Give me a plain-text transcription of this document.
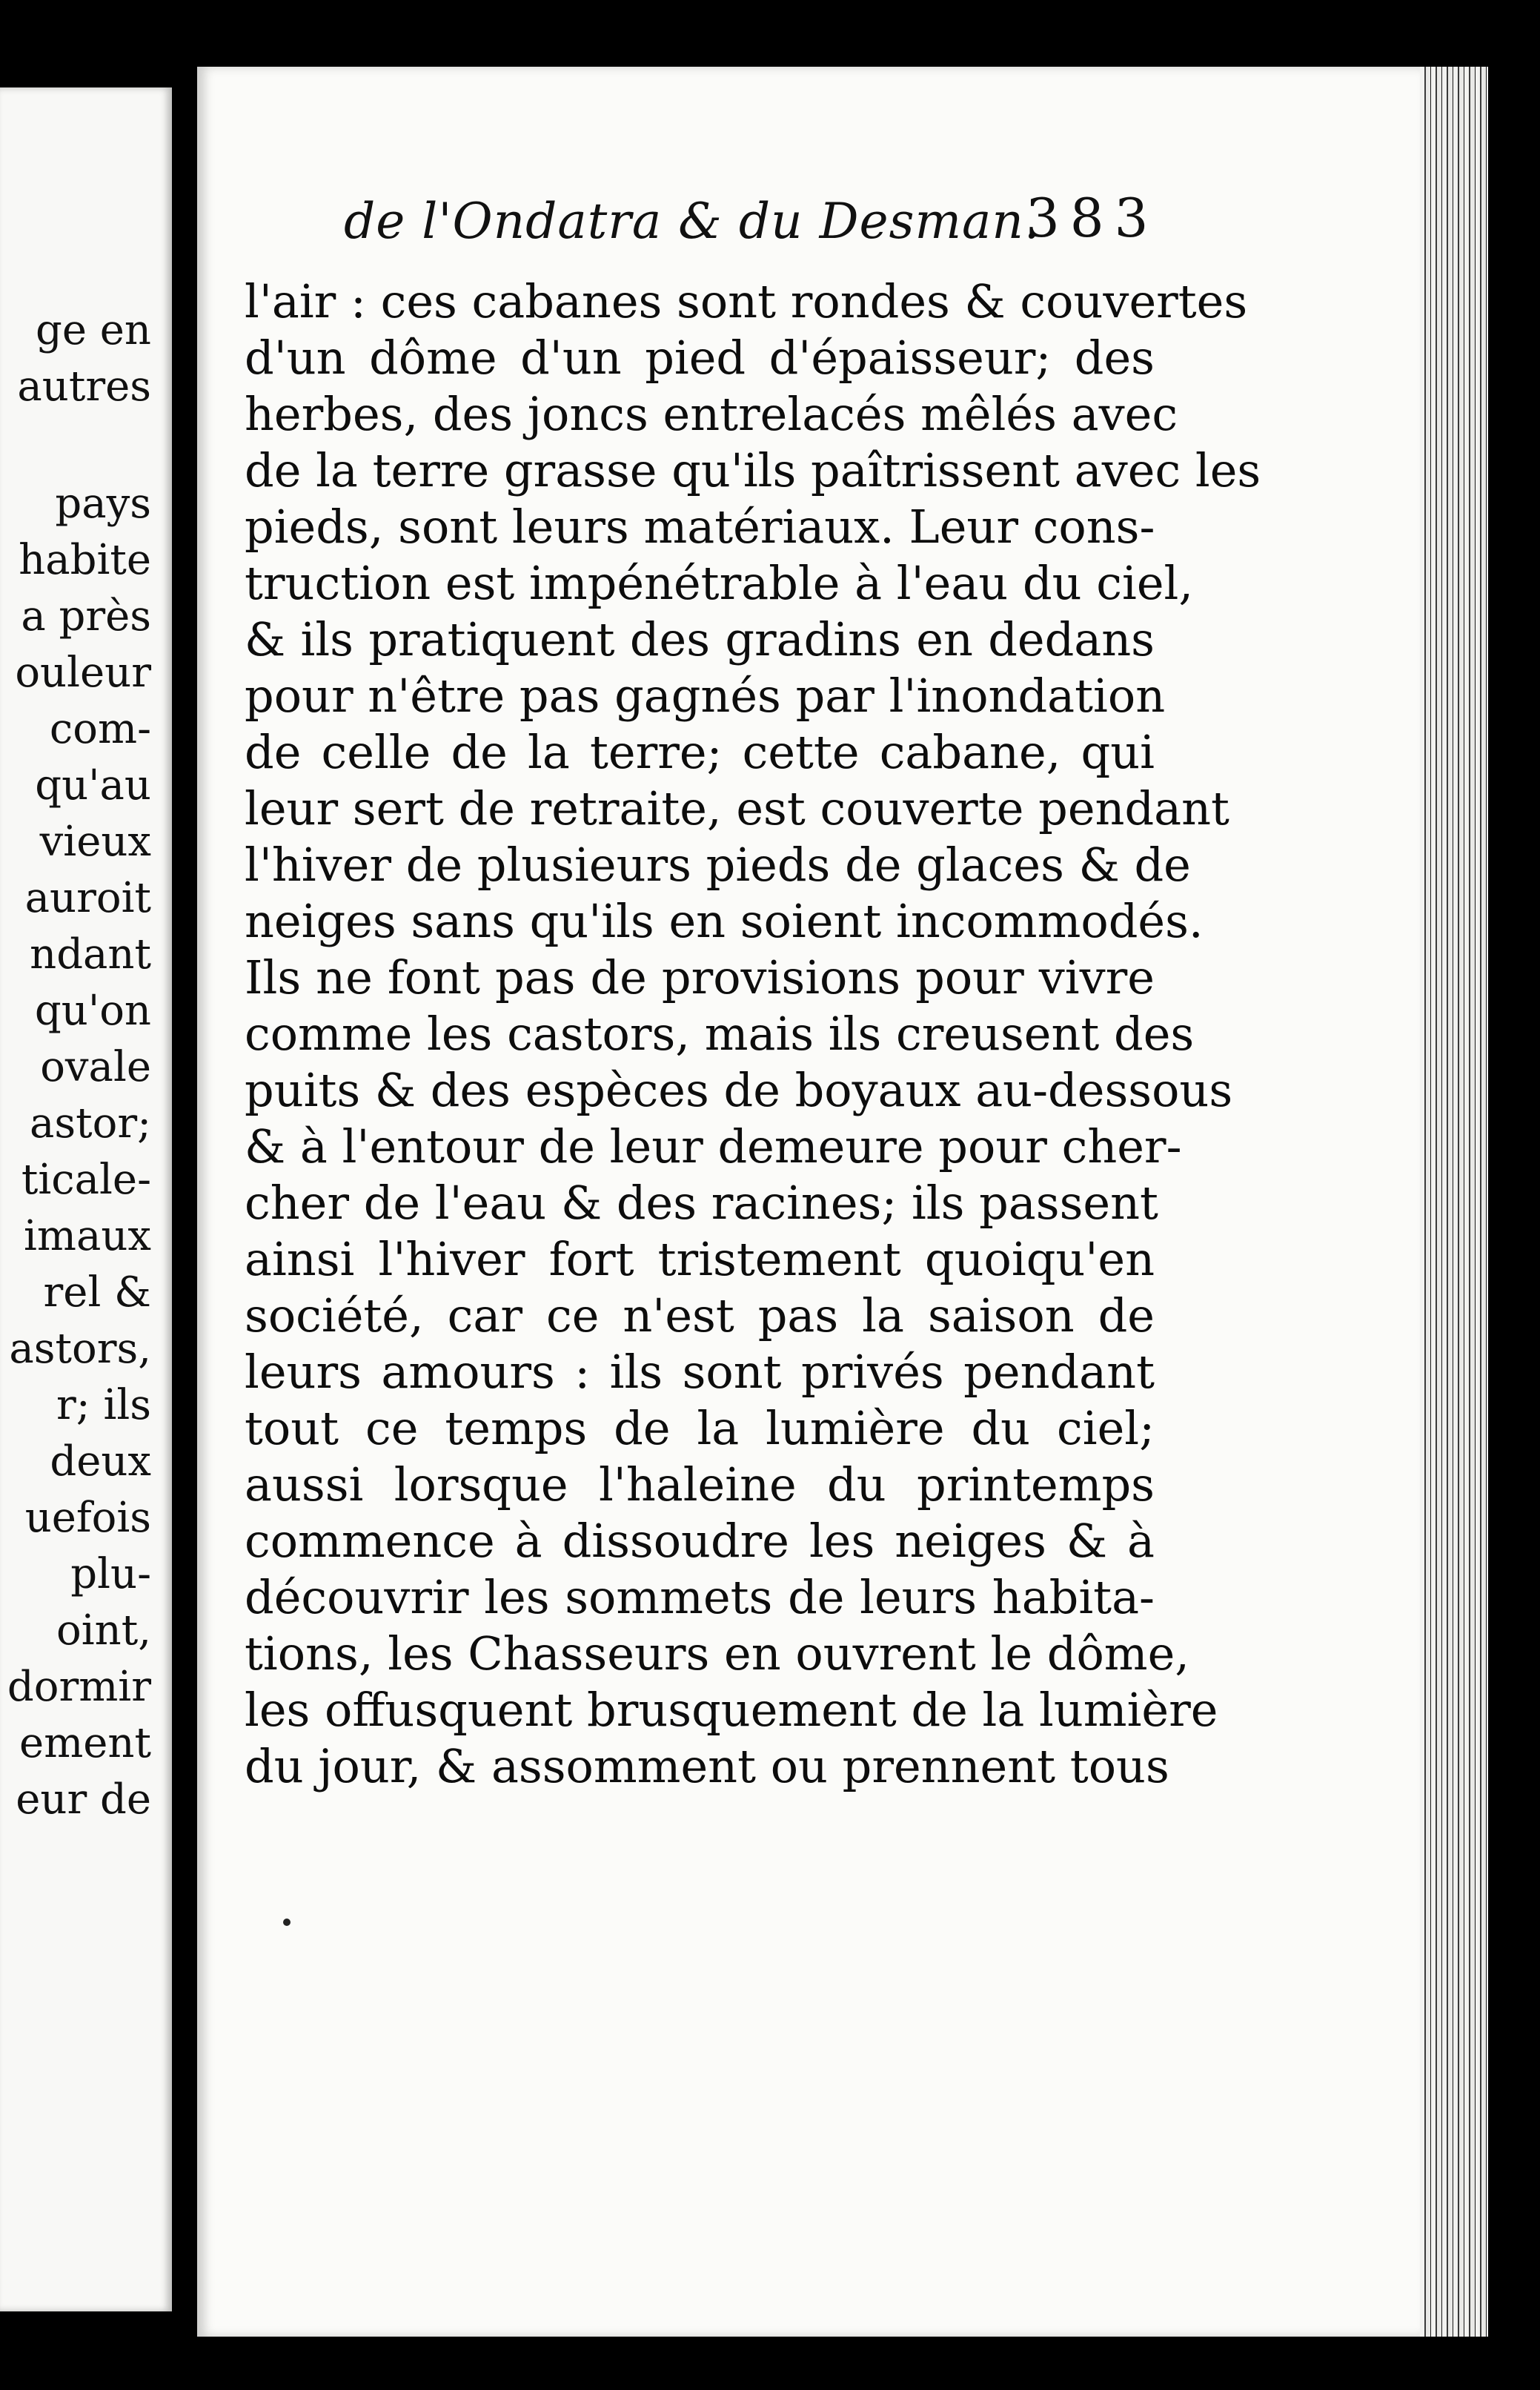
ge en
autres
pays
habite
a près
ouleur
com-
qu'au
vieux
auroit
ndant
qu'on
ovale
astor;
ticale-
imaux
rel &
astors,
r; ils
deux
uefois
plu-
oint,
dormir
ement
eur de
de l'Ondatra & du Desman.
383
l'air : ces cabanes sont rondes & couvertes
d'un dôme d'un pied d'épaisseur; des
herbes, des joncs entrelacés mêlés avec
de la terre grasse qu'ils paîtrissent avec les
pieds, sont leurs matériaux. Leur cons-
truction est impénétrable à l'eau du ciel,
& ils pratiquent des gradins en dedans
pour n'être pas gagnés par l'inondation
de celle de la terre; cette cabane, qui
leur sert de retraite, est couverte pendant
l'hiver de plusieurs pieds de glaces & de
neiges sans qu'ils en soient incommodés.
Ils ne font pas de provisions pour vivre
comme les castors, mais ils creusent des
puits & des espèces de boyaux au-dessous
& à l'entour de leur demeure pour cher-
cher de l'eau & des racines; ils passent
ainsi l'hiver fort tristement quoiqu'en
société, car ce n'est pas la saison de
leurs amours : ils sont privés pendant
tout ce temps de la lumière du ciel;
aussi lorsque l'haleine du printemps
commence à dissoudre les neiges & à
découvrir les sommets de leurs habita-
tions, les Chasseurs en ouvrent le dôme,
les offusquent brusquement de la lumière
du jour, & assomment ou prennent tous
